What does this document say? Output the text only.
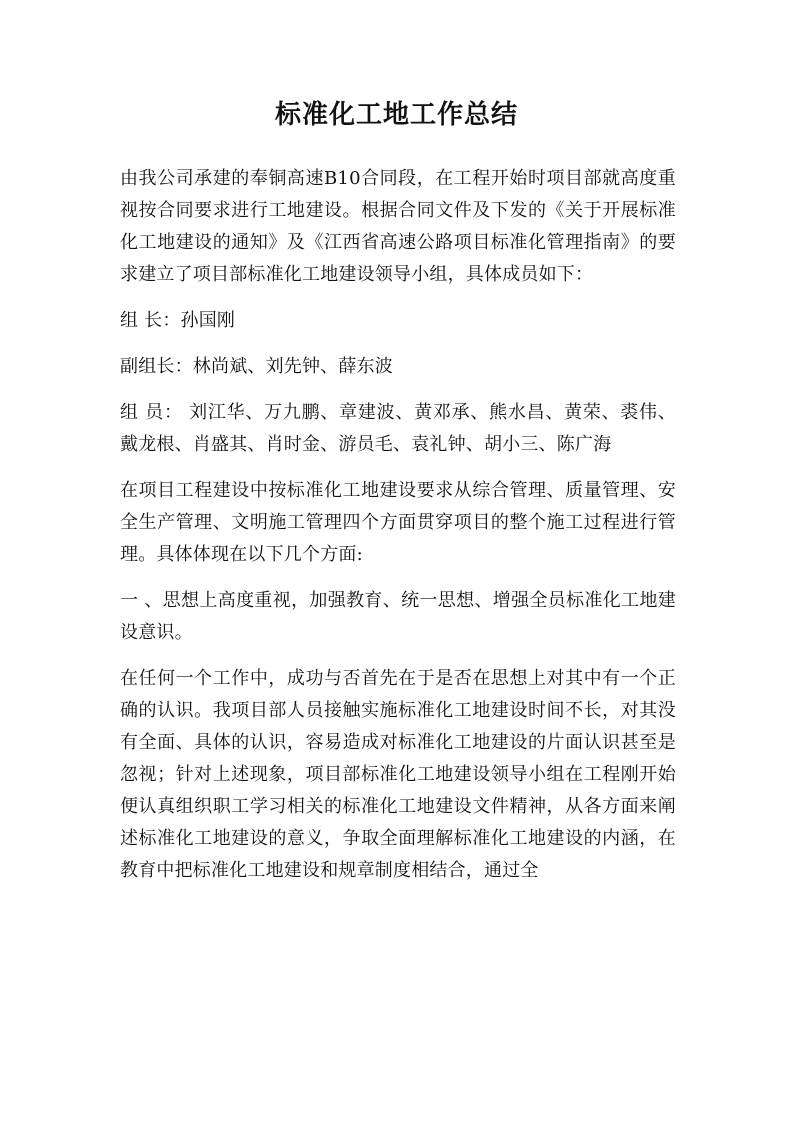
标准化工地工作总结

由我公司承建的奉铜高速B10合同段，在工程开始时项目部就高度重视按合同要求进行工地建设。根据合同文件及下发的《关于开展标准化工地建设的通知》及《江西省高速公路项目标准化管理指南》的要求建立了项目部标准化工地建设领导小组，具体成员如下：

组 长：孙国刚

副组长：林尚斌、刘先钟、薛东波

组 员： 刘江华、万九鹏、章建波、黄邓承、熊水昌、黄荣、裘伟、戴龙根、肖盛其、肖时金、游员毛、袁礼钟、胡小三、陈广海

在项目工程建设中按标准化工地建设要求从综合管理、质量管理、安全生产管理、文明施工管理四个方面贯穿项目的整个施工过程进行管理。具体体现在以下几个方面:

一 、思想上高度重视，加强教育、统一思想、增强全员标准化工地建设意识。

在任何一个工作中，成功与否首先在于是否在思想上对其中有一个正确的认识。我项目部人员接触实施标准化工地建设时间不长，对其没有全面、具体的认识，容易造成对标准化工地建设的片面认识甚至是忽视；针对上述现象，项目部标准化工地建设领导小组在工程刚开始便认真组织职工学习相关的标准化工地建设文件精神，从各方面来阐述标准化工地建设的意义，争取全面理解标准化工地建设的内涵，在教育中把标准化工地建设和规章制度相结合，通过全
